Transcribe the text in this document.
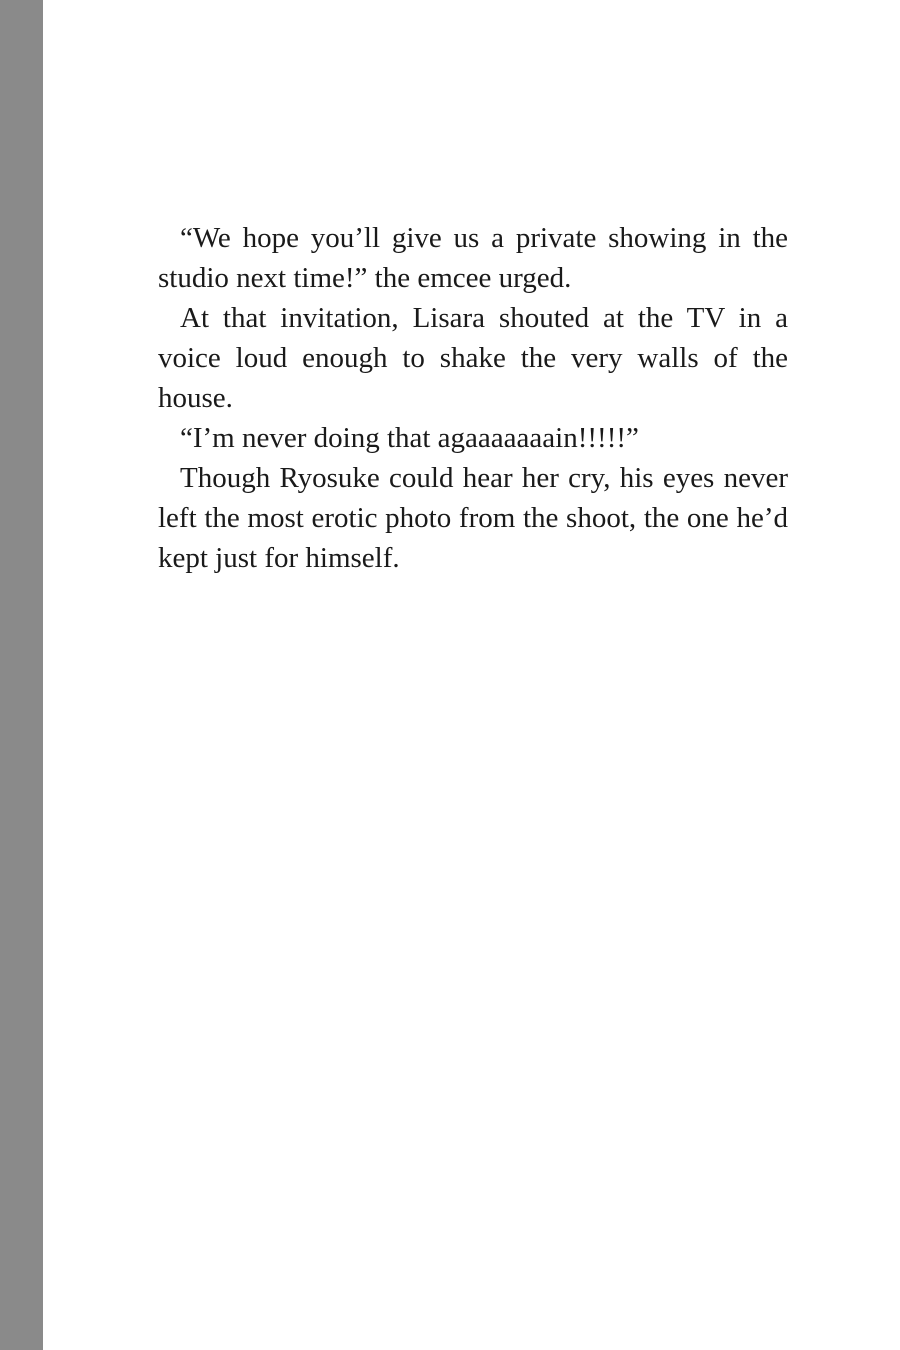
“We hope you’ll give us a private showing in the studio next time!” the emcee urged.

At that invitation, Lisara shouted at the TV in a voice loud enough to shake the very walls of the house.

“I’m never doing that agaaaaaaain!!!!!”

Though Ryosuke could hear her cry, his eyes never left the most erotic photo from the shoot, the one he’d kept just for himself.
